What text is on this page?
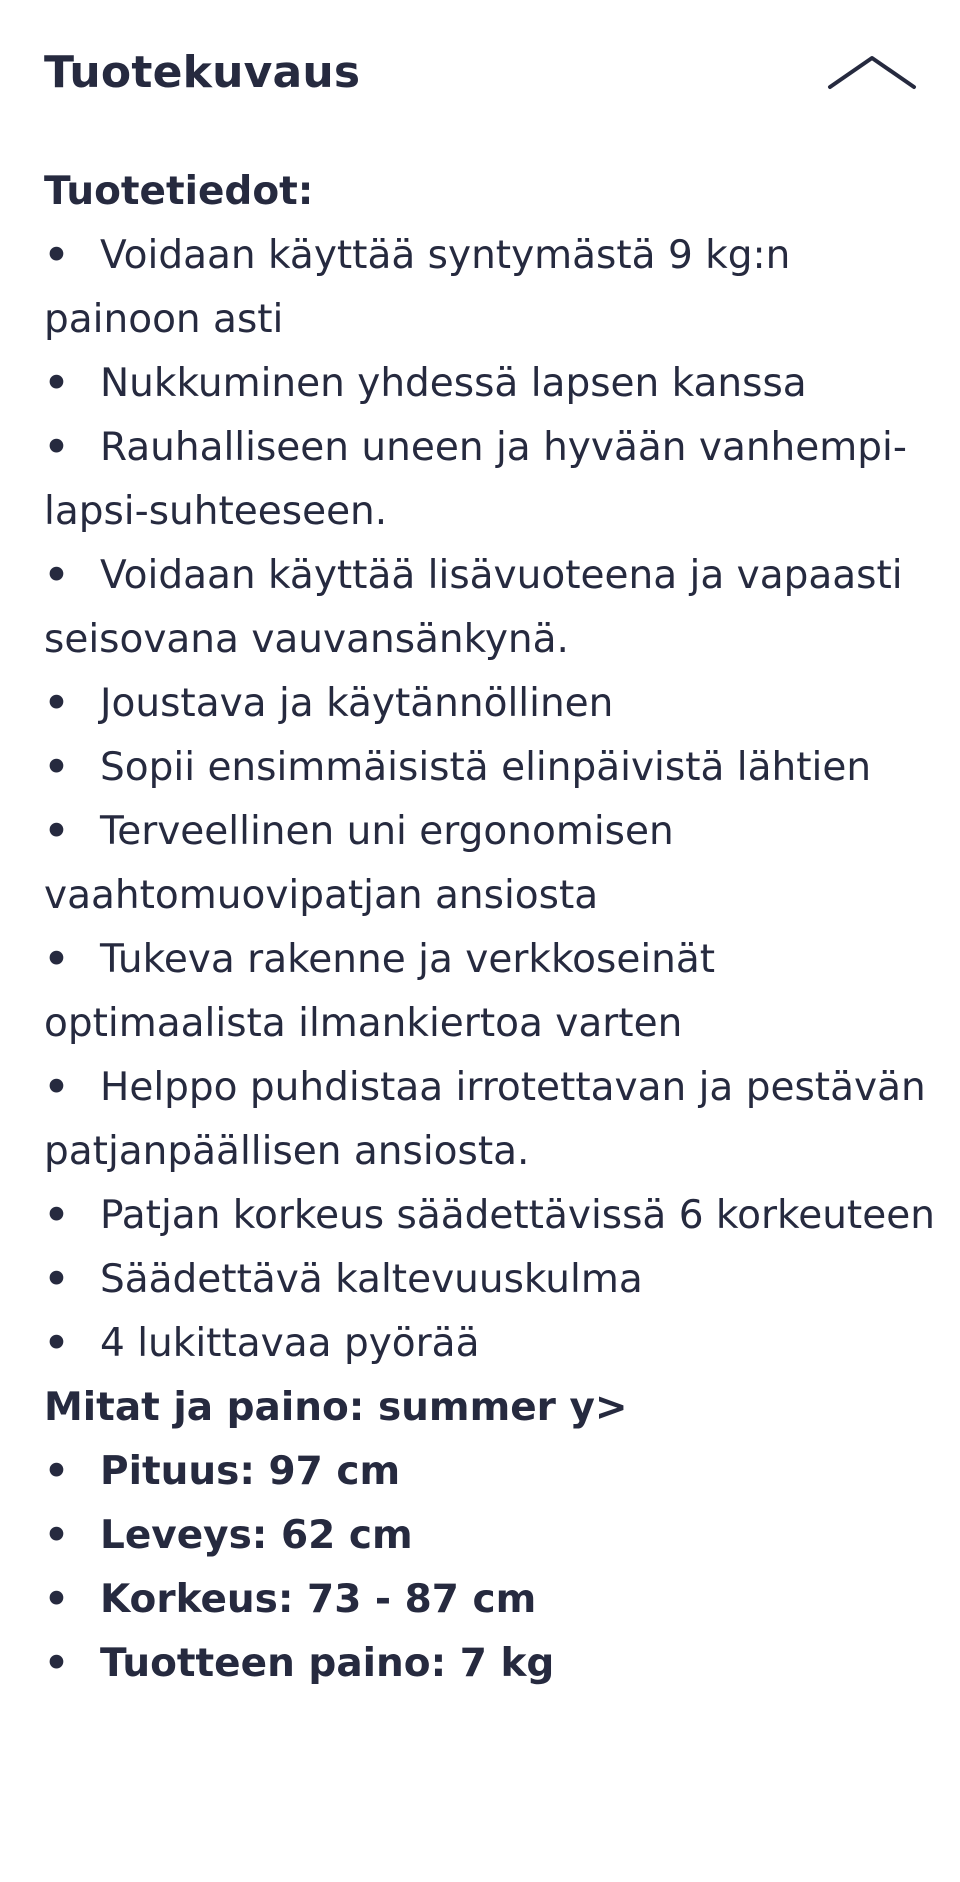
Tuotekuvaus
Tuotetiedot:
• Voidaan käyttää syntymästä 9 kg:n painoon asti
• Nukkuminen yhdessä lapsen kanssa
• Rauhalliseen uneen ja hyvään vanhempi-lapsi-suhteeseen.
• Voidaan käyttää lisävuoteena ja vapaasti seisovana vauvansänkynä.
• Joustava ja käytännöllinen
• Sopii ensimmäisistä elinpäivistä lähtien
• Terveellinen uni ergonomisen vaahtomuovipatjan ansiosta
• Tukeva rakenne ja verkkoseinät optimaalista ilmankiertoa varten
• Helppo puhdistaa irrotettavan ja pestävän patjanpäällisen ansiosta.
• Patjan korkeus säädettävissä 6 korkeuteen
• Säädettävä kaltevuuskulma
• 4 lukittavaa pyörää
Mitat ja paino: summer y>
• Pituus: 97 cm
• Leveys: 62 cm
• Korkeus: 73 - 87 cm
• Tuotteen paino: 7 kg
